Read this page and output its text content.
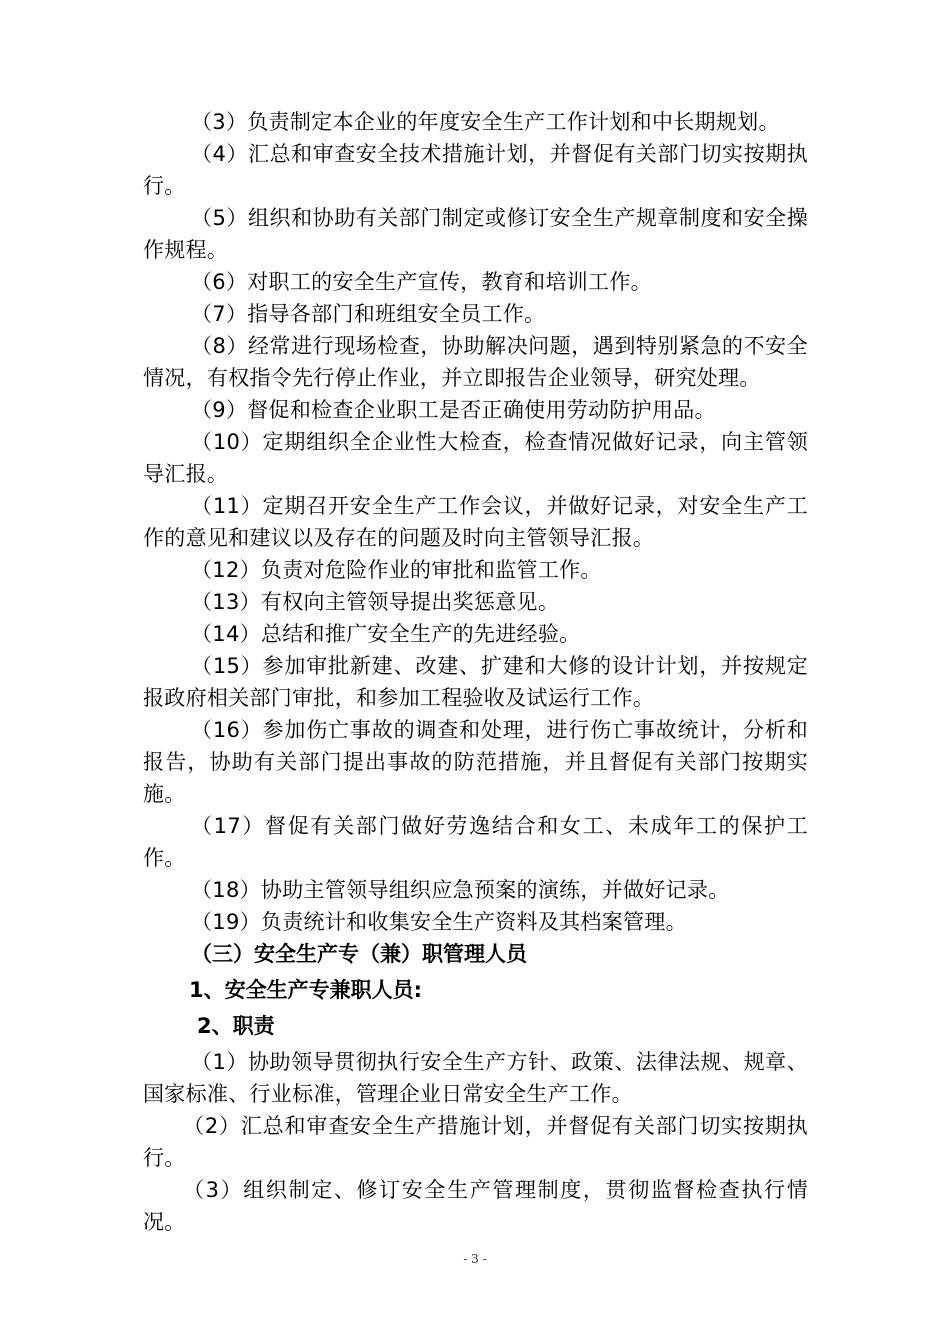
（3）负责制定本企业的年度安全生产工作计划和中长期规划。

（4）汇总和审查安全技术措施计划，并督促有关部门切实按期执行。

（5）组织和协助有关部门制定或修订安全生产规章制度和安全操作规程。

（6）对职工的安全生产宣传，教育和培训工作。

（7）指导各部门和班组安全员工作。

（8）经常进行现场检查，协助解决问题，遇到特别紧急的不安全情况，有权指令先行停止作业，并立即报告企业领导，研究处理。

（9）督促和检查企业职工是否正确使用劳动防护用品。

（10）定期组织全企业性大检查，检查情况做好记录，向主管领导汇报。

（11）定期召开安全生产工作会议，并做好记录，对安全生产工作的意见和建议以及存在的问题及时向主管领导汇报。

（12）负责对危险作业的审批和监管工作。

（13）有权向主管领导提出奖惩意见。

（14）总结和推广安全生产的先进经验。

（15）参加审批新建、改建、扩建和大修的设计计划，并按规定报政府相关部门审批，和参加工程验收及试运行工作。

（16）参加伤亡事故的调查和处理，进行伤亡事故统计，分析和报告，协助有关部门提出事故的防范措施，并且督促有关部门按期实施。

（17）督促有关部门做好劳逸结合和女工、未成年工的保护工作。

（18）协助主管领导组织应急预案的演练，并做好记录。

（19）负责统计和收集安全生产资料及其档案管理。

（三）安全生产专（兼）职管理人员

1、安全生产专兼职人员:

2、职责

（1）协助领导贯彻执行安全生产方针、政策、法律法规、规章、国家标准、行业标准，管理企业日常安全生产工作。

（2）汇总和审查安全生产措施计划，并督促有关部门切实按期执行。

（3）组织制定、修订安全生产管理制度，贯彻监督检查执行情况。

- 3 -
